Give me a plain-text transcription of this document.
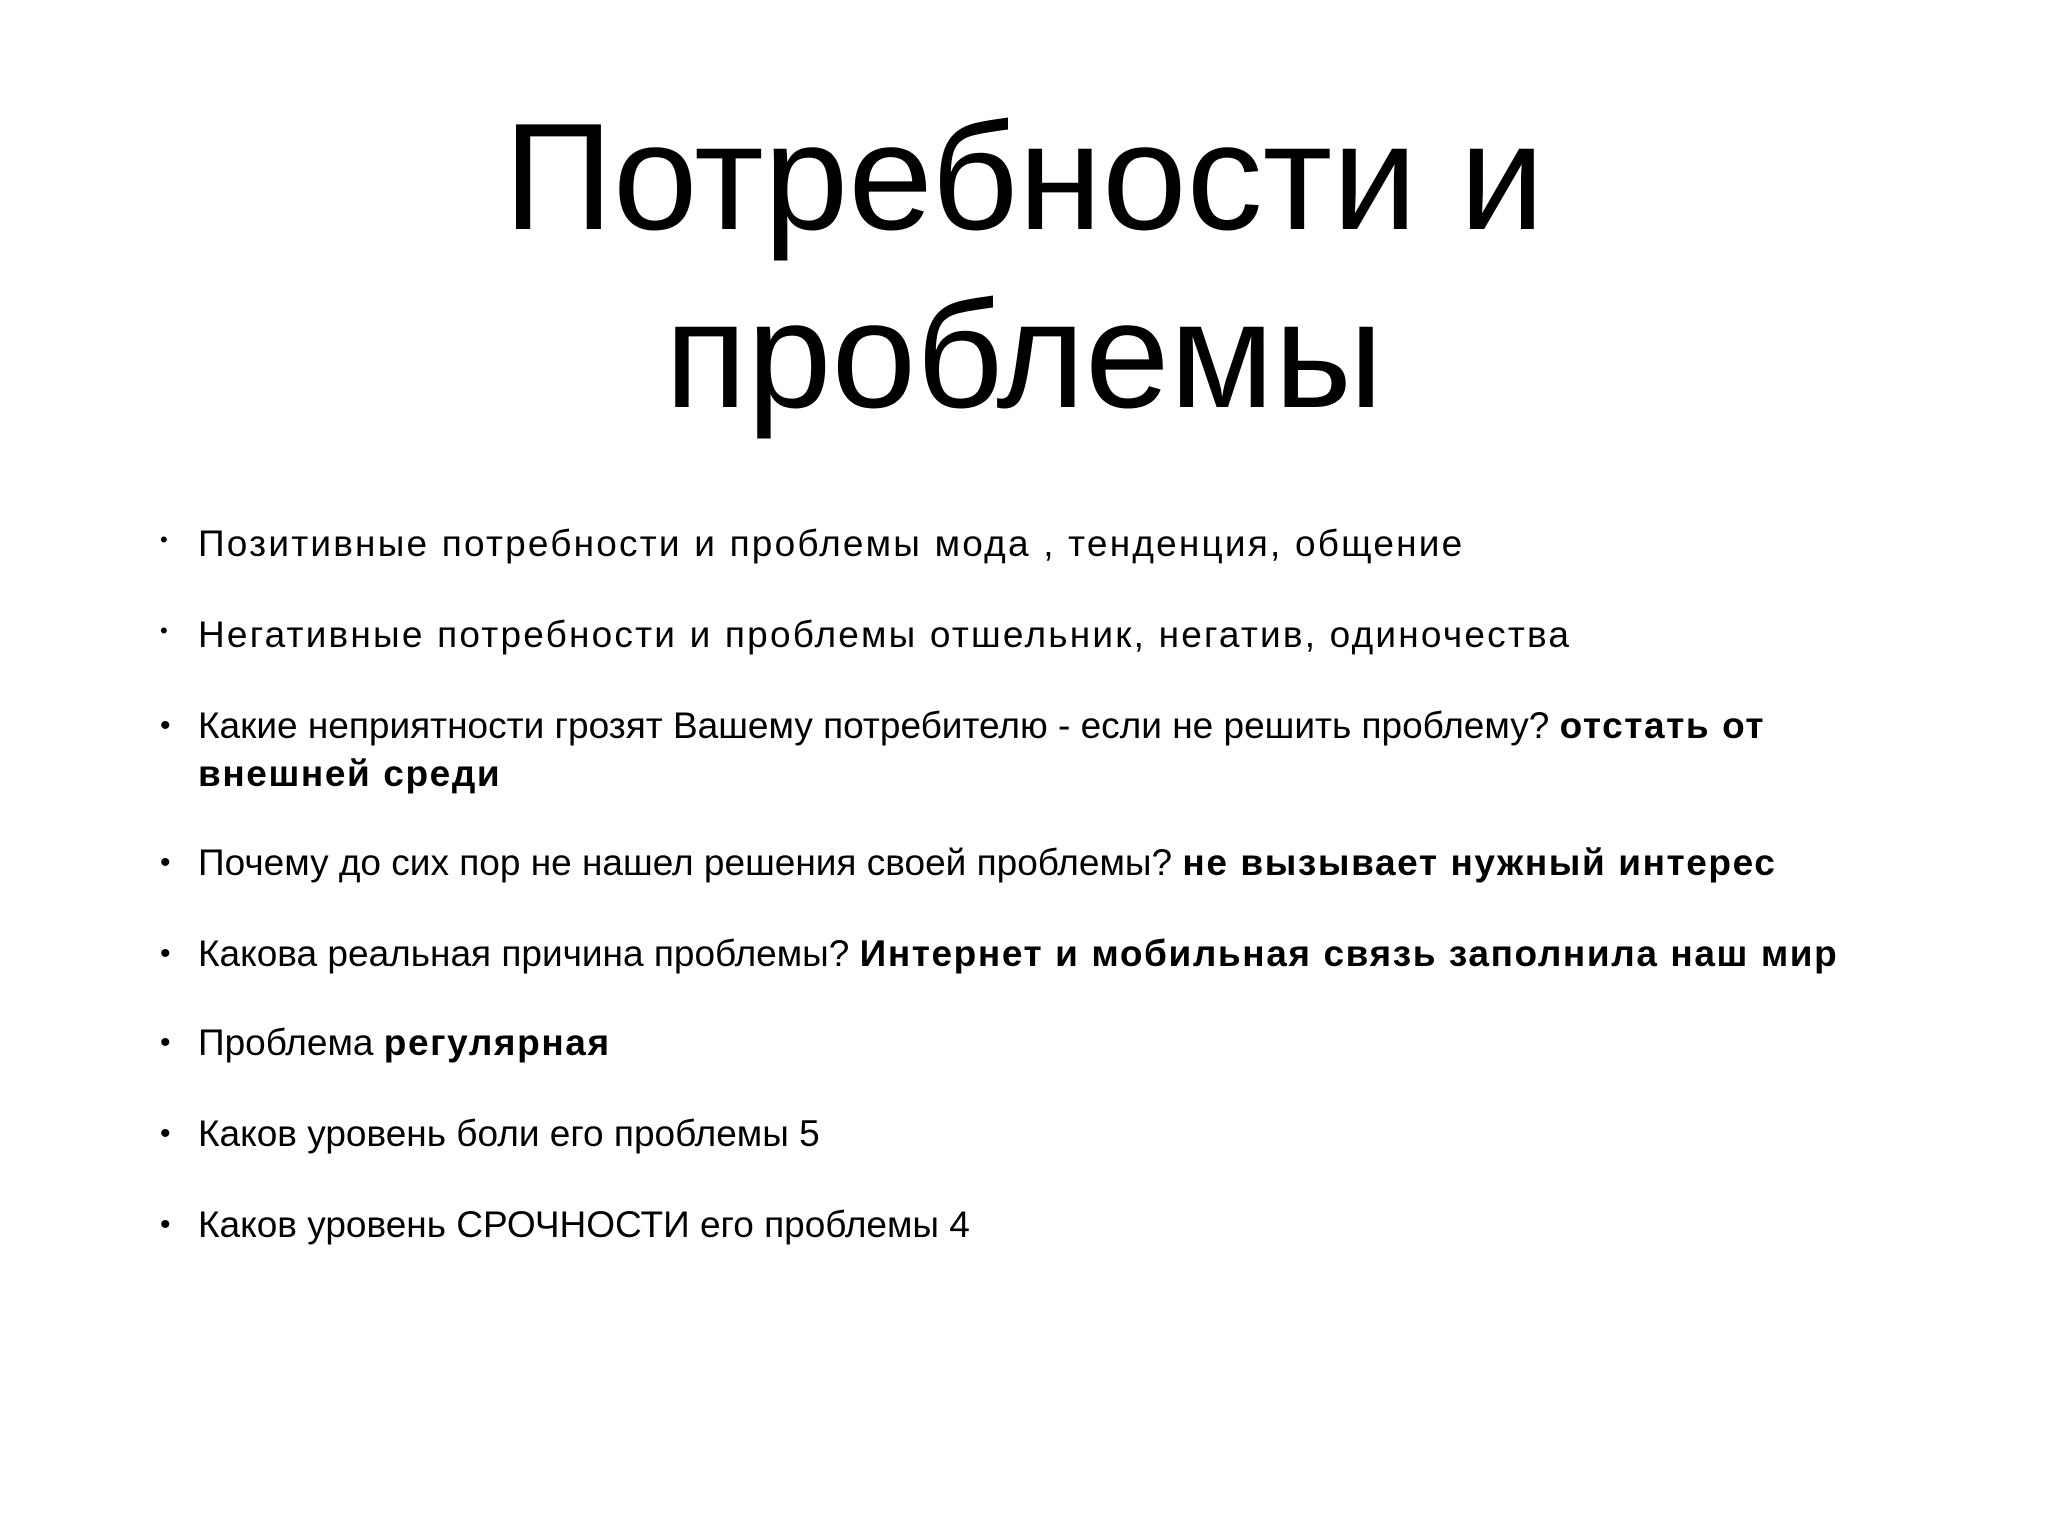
Потребности и
проблемы
• Позитивные потребности и проблемы мода , тенденция, общение
• Негативные потребности и проблемы отшельник, негатив, одиночества
• Какие неприятности грозят Вашему потребителю - если не решить проблему? отстать от внешней среди
• Почему до сих пор не нашел решения своей проблемы? не вызывает нужный интерес
• Какова реальная причина проблемы? Интернет и мобильная связь заполнила наш мир
• Проблема регулярная
• Каков уровень боли его проблемы 5
• Каков уровень СРОЧНОСТИ его проблемы 4
